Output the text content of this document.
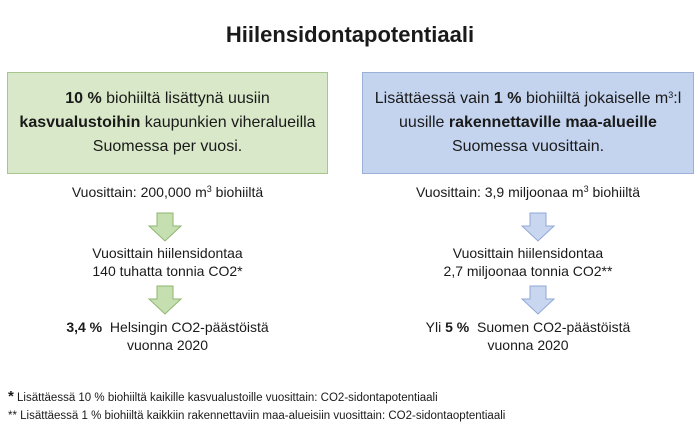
Hiilensidontapotentiaali
10 % biohiiltä lisättynä uusiin
kasvualustoihin kaupunkien viheralueilla
Suomessa per vuosi.
Vuosittain: 200,000 $m^3$ biohiiltä
Vuosittain hiilensidontaa
140 tuhatta tonnia CO2*
3,4 %  Helsingin CO2-päästöistä
vuonna 2020
Lisättäessä vain 1 % biohiiltä jokaiselle $m^3:l$
uusille rakennettaville maa-alueille
Suomessa vuosittain.
Vuosittain: 3,9 miljoonaa $m^3$ biohiiltä
Vuosittain hiilensidontaa
2,7 miljoonaa tonnia CO2**
Yli 5 %  Suomen CO2-päästöistä
vuonna 2020
* Lisättäessä 10 % biohiiltä kaikille kasvualustoille vuosittain: CO2-sidontapotentiaali
** Lisättäessä 1 % biohiiltä kaikkiin rakennettaviin maa-alueisiin vuosittain: CO2-sidontaoptentiaali
